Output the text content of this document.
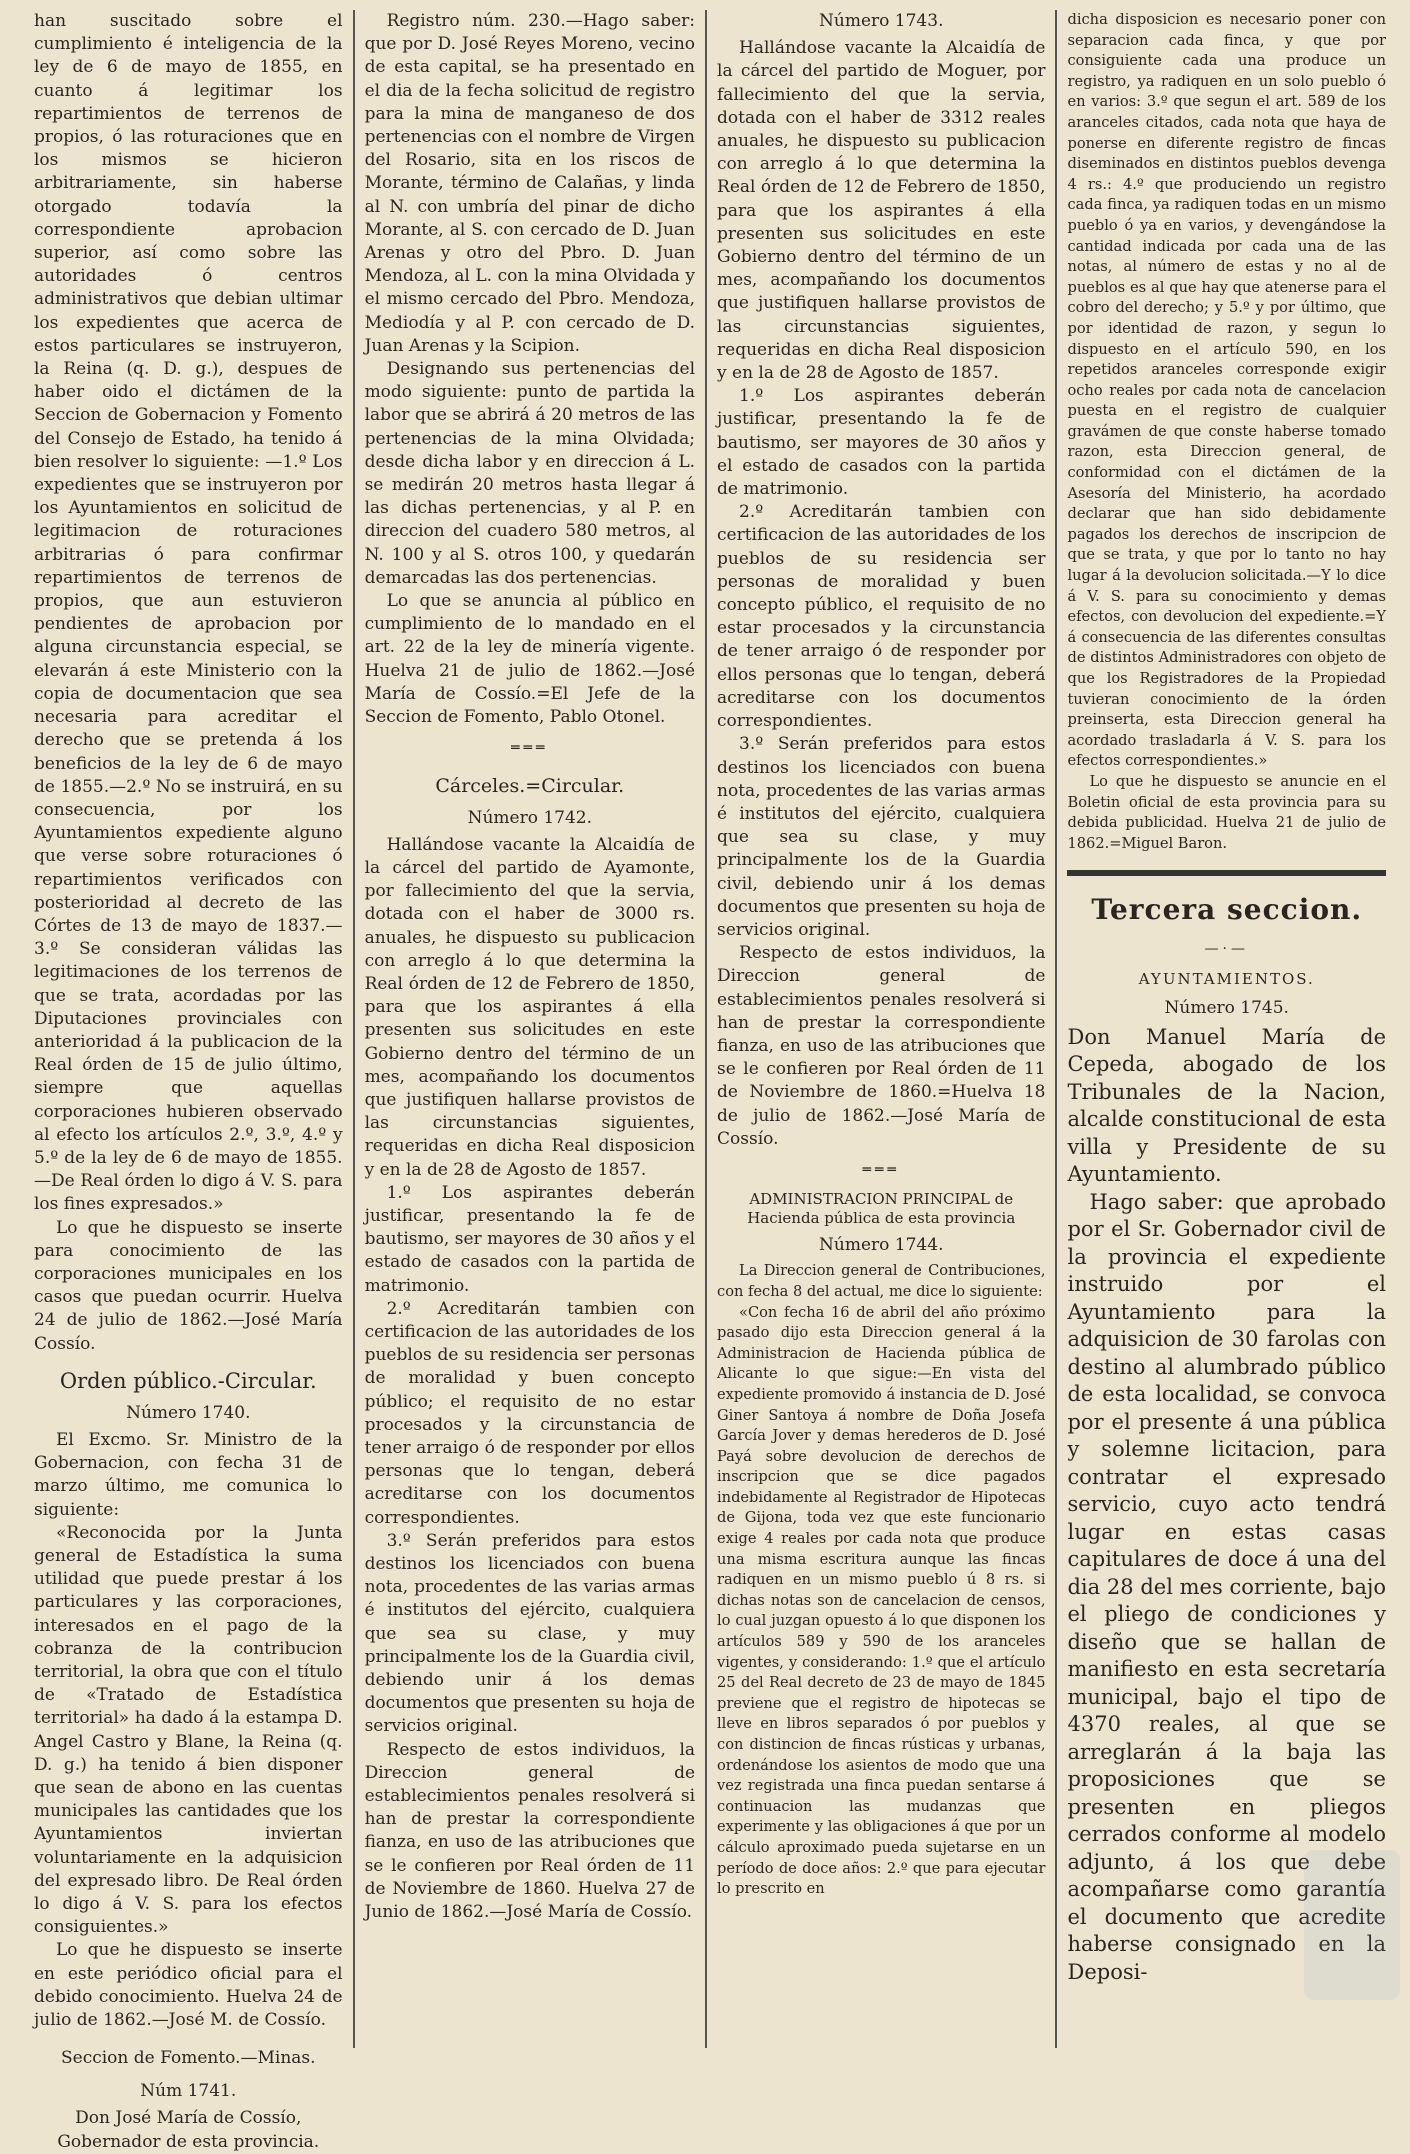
han suscitado sobre el cumplimiento é inteligencia de la ley de 6 de mayo de 1855, en cuanto á legitimar los repartimientos de terrenos de propios, ó las roturaciones que en los mismos se hicieron arbitrariamente, sin haberse otorgado todavía la correspondiente aprobacion superior, así como sobre las autoridades ó centros administrativos que debian ultimar los expedientes que acerca de estos particulares se instruyeron, la Reina (q. D. g.), despues de haber oido el dictámen de la Seccion de Gobernacion y Fomento del Consejo de Estado, ha tenido á bien resolver lo siguiente: —1.º Los expedientes que se instruyeron por los Ayuntamientos en solicitud de legitimacion de roturaciones arbitrarias ó para confirmar repartimientos de terrenos de propios, que aun estuvieron pendientes de aprobacion por alguna circunstancia especial, se elevarán á este Ministerio con la copia de documentacion que sea necesaria para acreditar el derecho que se pretenda á los beneficios de la ley de 6 de mayo de 1855.—2.º No se instruirá, en su consecuencia, por los Ayuntamientos expediente alguno que verse sobre roturaciones ó repartimientos verificados con posterioridad al decreto de las Córtes de 13 de mayo de 1837.—3.º Se consideran válidas las legitimaciones de los terrenos de que se trata, acordadas por las Diputaciones provinciales con anterioridad á la publicacion de la Real órden de 15 de julio último, siempre que aquellas corporaciones hubieren observado al efecto los artículos 2.º, 3.º, 4.º y 5.º de la ley de 6 de mayo de 1855.—De Real órden lo digo á V. S. para los fines expresados.»

Lo que he dispuesto se inserte para conocimiento de las corporaciones municipales en los casos que puedan ocurrir. Huelva 24 de julio de 1862.—José María Cossío.

Orden público.-Circular.
Número 1740.

El Excmo. Sr. Ministro de la Gobernacion, con fecha 31 de marzo último, me comunica lo siguiente:

«Reconocida por la Junta general de Estadística la suma utilidad que puede prestar á los particulares y las corporaciones, interesados en el pago de la cobranza de la contribucion territorial, la obra que con el título de «Tratado de Estadística territorial» ha dado á la estampa D. Angel Castro y Blane, la Reina (q. D. g.) ha tenido á bien disponer que sean de abono en las cuentas municipales las cantidades que los Ayuntamientos inviertan voluntariamente en la adquisicion del expresado libro. De Real órden lo digo á V. S. para los efectos consiguientes.»

Lo que he dispuesto se inserte en este periódico oficial para el debido conocimiento. Huelva 24 de julio de 1862.—José M. de Cossío.

Seccion de Fomento.—Minas.
Núm 1741.

Don José María de Cossío, Gobernador de esta provincia.

Registro núm. 230.—Hago saber: que por D. José Reyes Moreno, vecino de esta capital, se ha presentado en el dia de la fecha solicitud de registro para la mina de manganeso de dos pertenencias con el nombre de Virgen del Rosario, sita en los riscos de Morante, término de Calañas, y linda al N. con umbría del pinar de dicho Morante, al S. con cercado de D. Juan Arenas y otro del Pbro. D. Juan Mendoza, al L. con la mina Olvidada y el mismo cercado del Pbro. Mendoza, Mediodía y al P. con cercado de D. Juan Arenas y la Scipion.

Designando sus pertenencias del modo siguiente: punto de partida la labor que se abrirá á 20 metros de las pertenencias de la mina Olvidada; desde dicha labor y en direccion á L. se medirán 20 metros hasta llegar á las dichas pertenencias, y al P. en direccion del cuadero 580 metros, al N. 100 y al S. otros 100, y quedarán demarcadas las dos pertenencias.

Lo que se anuncia al público en cumplimiento de lo mandado en el art. 22 de la ley de minería vigente. Huelva 21 de julio de 1862.—José María de Cossío.=El Jefe de la Seccion de Fomento, Pablo Otonel.

═══
Cárceles.=Circular.
Número 1742.

Hallándose vacante la Alcaidía de la cárcel del partido de Ayamonte, por fallecimiento del que la servia, dotada con el haber de 3000 rs. anuales, he dispuesto su publicacion con arreglo á lo que determina la Real órden de 12 de Febrero de 1850, para que los aspirantes á ella presenten sus solicitudes en este Gobierno dentro del término de un mes, acompañando los documentos que justifiquen hallarse provistos de las circunstancias siguientes, requeridas en dicha Real disposicion y en la de 28 de Agosto de 1857.

1.º Los aspirantes deberán justificar, presentando la fe de bautismo, ser mayores de 30 años y el estado de casados con la partida de matrimonio.

2.º Acreditarán tambien con certificacion de las autoridades de los pueblos de su residencia ser personas de moralidad y buen concepto público; el requisito de no estar procesados y la circunstancia de tener arraigo ó de responder por ellos personas que lo tengan, deberá acreditarse con los documentos correspondientes.

3.º Serán preferidos para estos destinos los licenciados con buena nota, procedentes de las varias armas é institutos del ejército, cualquiera que sea su clase, y muy principalmente los de la Guardia civil, debiendo unir á los demas documentos que presenten su hoja de servicios original.

Respecto de estos individuos, la Direccion general de establecimientos penales resolverá si han de prestar la correspondiente fianza, en uso de las atribuciones que se le confieren por Real órden de 11 de Noviembre de 1860. Huelva 27 de Junio de 1862.—José María de Cossío.

Número 1743.

Hallándose vacante la Alcaidía de la cárcel del partido de Moguer, por fallecimiento del que la servia, dotada con el haber de 3312 reales anuales, he dispuesto su publicacion con arreglo á lo que determina la Real órden de 12 de Febrero de 1850, para que los aspirantes á ella presenten sus solicitudes en este Gobierno dentro del término de un mes, acompañando los documentos que justifiquen hallarse provistos de las circunstancias siguientes, requeridas en dicha Real disposicion y en la de 28 de Agosto de 1857.

1.º Los aspirantes deberán justificar, presentando la fe de bautismo, ser mayores de 30 años y el estado de casados con la partida de matrimonio.

2.º Acreditarán tambien con certificacion de las autoridades de los pueblos de su residencia ser personas de moralidad y buen concepto público, el requisito de no estar procesados y la circunstancia de tener arraigo ó de responder por ellos personas que lo tengan, deberá acreditarse con los documentos correspondientes.

3.º Serán preferidos para estos destinos los licenciados con buena nota, procedentes de las varias armas é institutos del ejército, cualquiera que sea su clase, y muy principalmente los de la Guardia civil, debiendo unir á los demas documentos que presenten su hoja de servicios original.

Respecto de estos individuos, la Direccion general de establecimientos penales resolverá si han de prestar la correspondiente fianza, en uso de las atribuciones que se le confieren por Real órden de 11 de Noviembre de 1860.=Huelva 18 de julio de 1862.—José María de Cossío.

═══
ADMINISTRACION PRINCIPAL de Hacienda pública de esta provincia
Número 1744.

La Direccion general de Contribuciones, con fecha 8 del actual, me dice lo siguiente:

«Con fecha 16 de abril del año próximo pasado dijo esta Direccion general á la Administracion de Hacienda pública de Alicante lo que sigue:—En vista del expediente promovido á instancia de D. José Giner Santoya á nombre de Doña Josefa García Jover y demas herederos de D. José Payá sobre devolucion de derechos de inscripcion que se dice pagados indebidamente al Registrador de Hipotecas de Gijona, toda vez que este funcionario exige 4 reales por cada nota que produce una misma escritura aunque las fincas radiquen en un mismo pueblo ú 8 rs. si dichas notas son de cancelacion de censos, lo cual juzgan opuesto á lo que disponen los artículos 589 y 590 de los aranceles vigentes, y considerando: 1.º que el artículo 25 del Real decreto de 23 de mayo de 1845 previene que el registro de hipotecas se lleve en libros separados ó por pueblos y con distincion de fincas rústicas y urbanas, ordenándose los asientos de modo que una vez registrada una finca puedan sentarse á continuacion las mudanzas que experimente y las obligaciones á que por un cálculo aproximado pueda sujetarse en un período de doce años: 2.º que para ejecutar lo prescrito en

dicha disposicion es necesario poner con separacion cada finca, y que por consiguiente cada una produce un registro, ya radiquen en un solo pueblo ó en varios: 3.º que segun el art. 589 de los aranceles citados, cada nota que haya de ponerse en diferente registro de fincas diseminados en distintos pueblos devenga 4 rs.: 4.º que produciendo un registro cada finca, ya radiquen todas en un mismo pueblo ó ya en varios, y devengándose la cantidad indicada por cada una de las notas, al número de estas y no al de pueblos es al que hay que atenerse para el cobro del derecho; y 5.º y por último, que por identidad de razon, y segun lo dispuesto en el artículo 590, en los repetidos aranceles corresponde exigir ocho reales por cada nota de cancelacion puesta en el registro de cualquier gravámen de que conste haberse tomado razon, esta Direccion general, de conformidad con el dictámen de la Asesoría del Ministerio, ha acordado declarar que han sido debidamente pagados los derechos de inscripcion de que se trata, y que por lo tanto no hay lugar á la devolucion solicitada.—Y lo dice á V. S. para su conocimiento y demas efectos, con devolucion del expediente.=Y á consecuencia de las diferentes consultas de distintos Administradores con objeto de que los Registradores de la Propiedad tuvieran conocimiento de la órden preinserta, esta Direccion general ha acordado trasladarla á V. S. para los efectos correspondientes.»

Lo que he dispuesto se anuncie en el Boletin oficial de esta provincia para su debida publicidad. Huelva 21 de julio de 1862.=Miguel Baron.

Tercera seccion.
—·—
AYUNTAMIENTOS.
Número 1745.

Don Manuel María de Cepeda, abogado de los Tribunales de la Nacion, alcalde constitucional de esta villa y Presidente de su Ayuntamiento.

Hago saber: que aprobado por el Sr. Gobernador civil de la provincia el expediente instruido por el Ayuntamiento para la adquisicion de 30 farolas con destino al alumbrado público de esta localidad, se convoca por el presente á una pública y solemne licitacion, para contratar el expresado servicio, cuyo acto tendrá lugar en estas casas capitulares de doce á una del dia 28 del mes corriente, bajo el pliego de condiciones y diseño que se hallan de manifiesto en esta secretaría municipal, bajo el tipo de 4370 reales, al que se arreglarán á la baja las proposiciones que se presenten en pliegos cerrados conforme al modelo adjunto, á los que debe acompañarse como garantía el documento que acredite haberse consignado en la Deposi-
